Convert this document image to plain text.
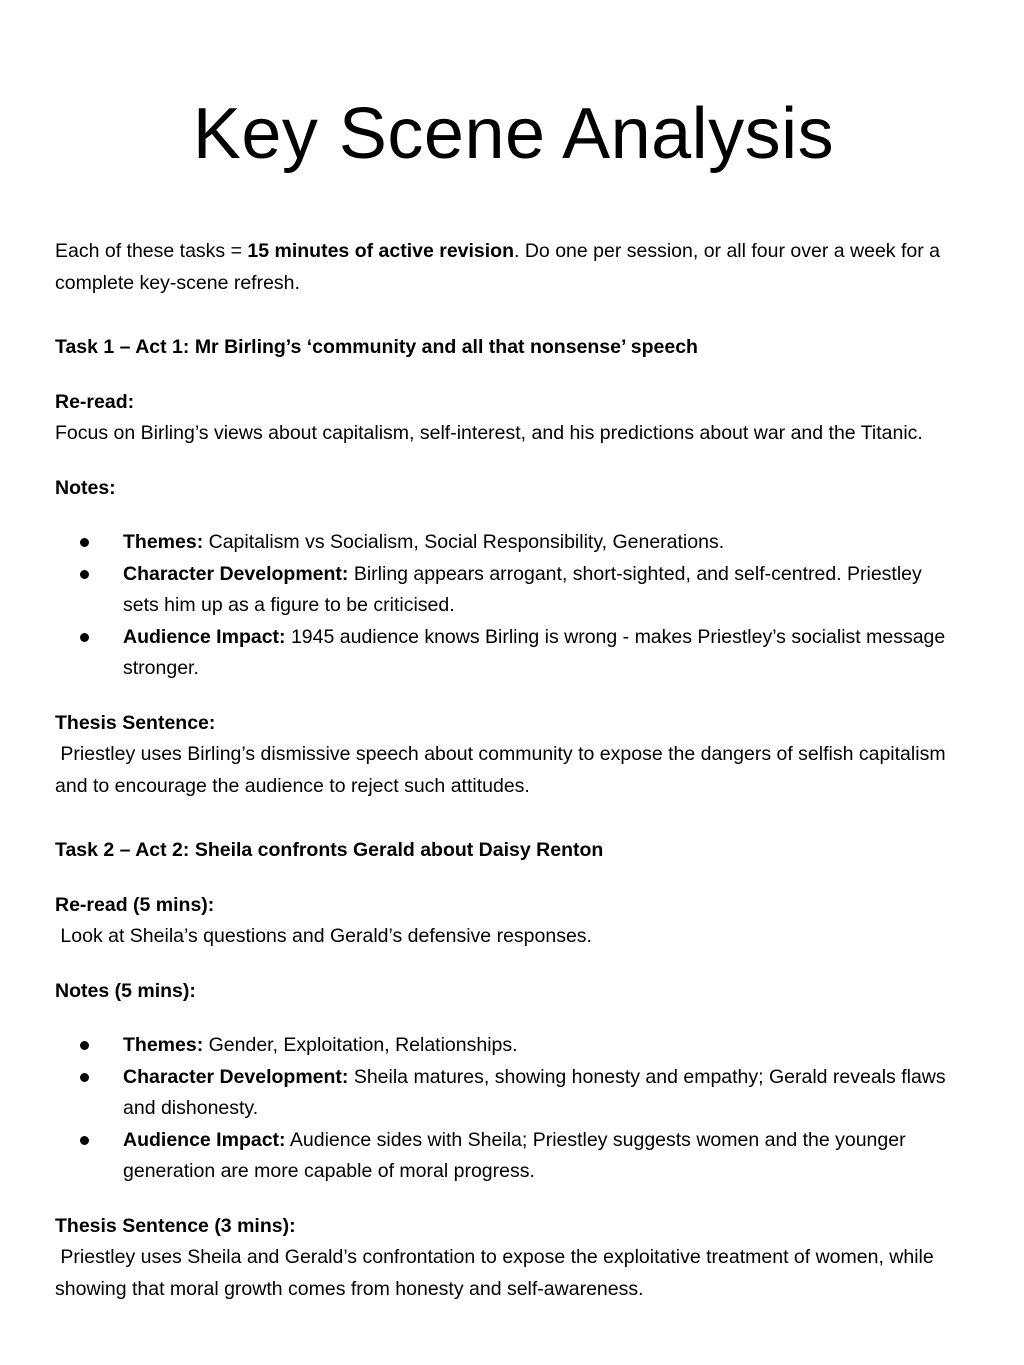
Key Scene Analysis

Each of these tasks = 15 minutes of active revision. Do one per session, or all four over a week for a complete key-scene refresh.

Task 1 – Act 1: Mr Birling’s ‘community and all that nonsense’ speech

Re-read:

Focus on Birling’s views about capitalism, self-interest, and his predictions about war and the Titanic.

Notes:

Themes: Capitalism vs Socialism, Social Responsibility, Generations.
Character Development: Birling appears arrogant, short-sighted, and self-centred. Priestley sets him up as a figure to be criticised.
Audience Impact: 1945 audience knows Birling is wrong - makes Priestley’s socialist message stronger.

Thesis Sentence:

Priestley uses Birling’s dismissive speech about community to expose the dangers of selfish capitalism and to encourage the audience to reject such attitudes.

Task 2 – Act 2: Sheila confronts Gerald about Daisy Renton

Re-read (5 mins):

Look at Sheila’s questions and Gerald’s defensive responses.

Notes (5 mins):

Themes: Gender, Exploitation, Relationships.
Character Development: Sheila matures, showing honesty and empathy; Gerald reveals flaws and dishonesty.
Audience Impact: Audience sides with Sheila; Priestley suggests women and the younger generation are more capable of moral progress.

Thesis Sentence (3 mins):

Priestley uses Sheila and Gerald’s confrontation to expose the exploitative treatment of women, while showing that moral growth comes from honesty and self-awareness.
